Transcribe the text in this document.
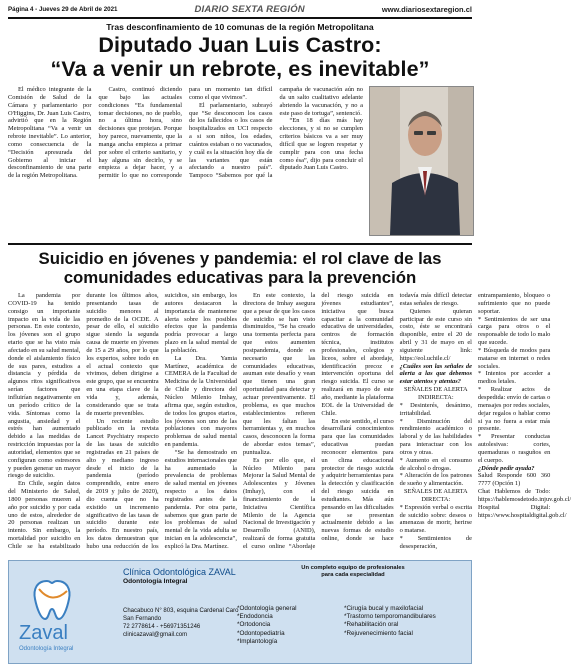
Página 4 - Jueves 29 de Abril de 2021	DIARIO SEXTA REGIÓN	www.diariosextaregion.cl
Tras desconfinamiento de 10 comunas de la región Metropolitana
Diputado Juan Luis Castro:
“Va a venir un rebrote, es inevitable”

El médico integrante de la Comisión de Salud de la Cámara y parlamentario por O'Higgins, Dr. Juan Luis Castro, advirtió que en la Región Metropolitana “Va a venir un rebrote inevitable”. Lo anterior, como consecuencia de la “Decisión apresurada del Gobierno al iniciar el desconfinamiento de una parte de la región Metropolitana.

Castro, continuó diciendo que bajo las actuales condiciones “Es fundamental tomar decisiones, no de pueblo, no a última hora, sino decisiones que protejan. Porque hoy parece, nuevamente, que la manga ancha empieza a primar por sobre el criterio sanitario, y hay alguna sin decirlo, y se empieza a dejar hacer, y a permitir lo que no corresponde para un momento tan difícil como el que vivimos”.

El parlamentario, subrayó que “Se desconocen los casos de los fallecidos o los casos de hospitalizados en UCI respecto a si son niños, los edades, cuántos estaban o no vacunados, y cuál es la situación hoy día de las variantes que están afectando a nuestro país”. Tampoco “Sabemos por qué la campaña de vacunación aún no da un salto cualitativo adelante abriendo la vacunación, y no a este paso de tortuga”, sentenció.

“En 18 días más hay elecciones, y si no se cumplen criterios básicos va a ser muy difícil que se logren respetar y cumplir para con una fecha como ésa”, dijo para concluir el diputado Juan Luis Castro.

Suicidio en jóvenes y pandemia: el rol clave de las
comunidades educativas para la prevención

La pandemia por COVID-19 ha tenido consigo un importante impacto en la vida de las personas. En este contexto, los jóvenes son el grupo etario que se ha visto más afectado en su salud mental, donde el aislamiento físico de sus pares, estudios a distancia y pérdida de algunos ritos significativos serían factores que influirían negativamente en un período crítico de la vida. Síntomas como la angustia, ansiedad y el estrés han aumentado debido a las medidas de restricción impuestas por la autoridad, elementos que se configuran como estresores y pueden generar un mayor riesgo de suicidio.

En Chile, según datos del Ministerio de Salud, 1800 personas mueren al año por suicidio y por cada uno de estos, alrededor de 20 personas realizan un intento. Sin embargo, la mortalidad por suicidio en Chile se ha estabilizado durante los últimos años, presentando tasas de suicidio menores al promedio de la OCDE. A pesar de ello, el suicidio sigue siendo la segunda causa de muerte en jóvenes de 15 a 29 años, por lo que los expertos, sobre todo en el actual contexto que vivimos, deben dirigirse a este grupo, que se encuentra en una etapa clave de la vida y, además, considerando que se trata de muerte prevenibles.

Un reciente estudio publicado en la revista Lancet Psychiatry respecto de las tasas de suicidio registradas en 21 países de alto y mediano ingreso desde el inicio de la pandemia (período comprendido, entre enero de 2019 y julio de 2020), dio cuenta que no ha existido un incremento significativo de las tasas de suicidio durante este período. En nuestro país, los datos demuestran que hubo una reducción de los suicidios, sin embargo, los autores destacaron la importancia de mantenerse alerta sobre los posibles efectos que la pandemia podría provocar a largo plazo en la salud mental de la población.

La Dra. Yamia Martínez, académica de CEMERA de la Facultad de Medicina de la Universidad de Chile y directora del Núcleo Milenio Imhay, afirma que, según estudios, de todos los grupos etarios, los jóvenes son uno de las poblaciones con mayores problemas de salud mental en pandemia.

“Se ha demostrado en estudios internacionales que ha aumentado la prevalencia de problemas de salud mental en jóvenes respecto a los datos registrados antes de la pandemia. Por otra parte, sabemos que gran parte de los problemas de salud mental de la vida adulta se inician en la adolescencia”, explicó la Dra. Martínez.

En este contexto, la directora de Imhay asegura que a pesar de que los casos de suicidio se han visto disminuidos, “Se ha creado una tormenta perfecta para que estos aumenten postpandemia, donde es necesario que las comunidades educativas, asuman este desafío y vean que tienen una gran oportunidad para detectar y actuar preventivamente. El problema, es que muchos establecimientos refieren que les faltan las herramientas y, en muchos casos, desconocen la forma de abordar estos temas”, puntualiza.

Es por ello que, el Núcleo Milenio para Mejorar la Salud Mental de Adolescentes y Jóvenes (Imhay), con el financiamiento de la Iniciativa Científica Milenio de la Agencia Nacional de Investigación y Desarrollo (ANID), realizará de forma gratuita el curso online “Abordaje del riesgo suicida en jóvenes estudiantes”, iniciativa que busca capacitar a la comunidad educativa de universidades, centros de formación técnica, institutos profesionales, colegios y liceos, sobre el abordaje, identificación precoz e intervención oportuna del riesgo suicida. El curso se realizará en mayo de este año, mediante la plataforma EOL de la Universidad de Chile.

En este sentido, el curso desarrollará conocimientos para que las comunidades educativas puedan reconocer elementos para un clima educacional protector de riesgo suicida y adquirir herramientas para la detección y clasificación del riesgo suicida en estudiantes. Más aún pensando en las dificultades que se presentan actualmente debido a las nuevas formas de estudio online, donde se hace todavía más difícil detectar estas señales de riesgo.

Quienes quieran participar de este curso sin costo, éste se encontrará disponible, entre el 20 de abril y 31 de mayo en el siguiente link: https://eol.uchile.cl/

¿Cuáles son las señales de alerta a las que debemos estar atentos y atentas?

SEÑALES DE ALERTA INDIRECTA:

* Desinterés, desánimo, irritabilidad.

* Disminución del rendimiento académico o laboral y de las habilidades para interactuar con los otros y otras.

* Aumento en el consumo de alcohol o drogas.

* Alteración de los patrones de sueño y alimentación.

SEÑALES DE ALERTA DIRECTA:

* Expresión verbal o escrita de suicidio sobre: deseos o amenazas de morir, herirse o matarse.

* Sentimientos de desesperación, entrampamiento, bloqueo o sufrimiento que no puede soportar.

* Sentimientos de ser una carga para otros o el responsable de todo lo malo que sucede.

* Búsqueda de modos para matarse en internet o redes sociales.

* Intentos por acceder a medios letales.

* Realizar actos de despedida: envío de cartas o mensajes por redes sociales, dejar regalos o hablar como si ya no fuera a estar más presente.

* Presentar conductas autolesivas: cortes, quemaduras o rasguños en el cuerpo.

¿Dónde pedir ayuda?

Salud Responde 600 360 7777 (Opción 1)

Chat Hablemos de Todo: https://hablemosdetodo.injuv.gob.cl/

Hospital Digital: https://www.hospitaldigital.gob.cl/

Zaval
Odontología Integral
Clínica Odontológica ZAVAL
Odontología Integral
Chacabuco N° 803, esquina Cardenal Caro
San Fernando
72 2778614 - +56971351246
clinicazaval@gmail.com
Un completo equipo de profesionales
para cada especialidad
* Odontología general
* Endodoncia
* Ortodoncia
* Odontopediatría
* Implantología
* Cirugía bucal y maxilofacial
* Trastorno temporomandibulares
* Rehabilitación oral
* Rejuvenecimiento facial
